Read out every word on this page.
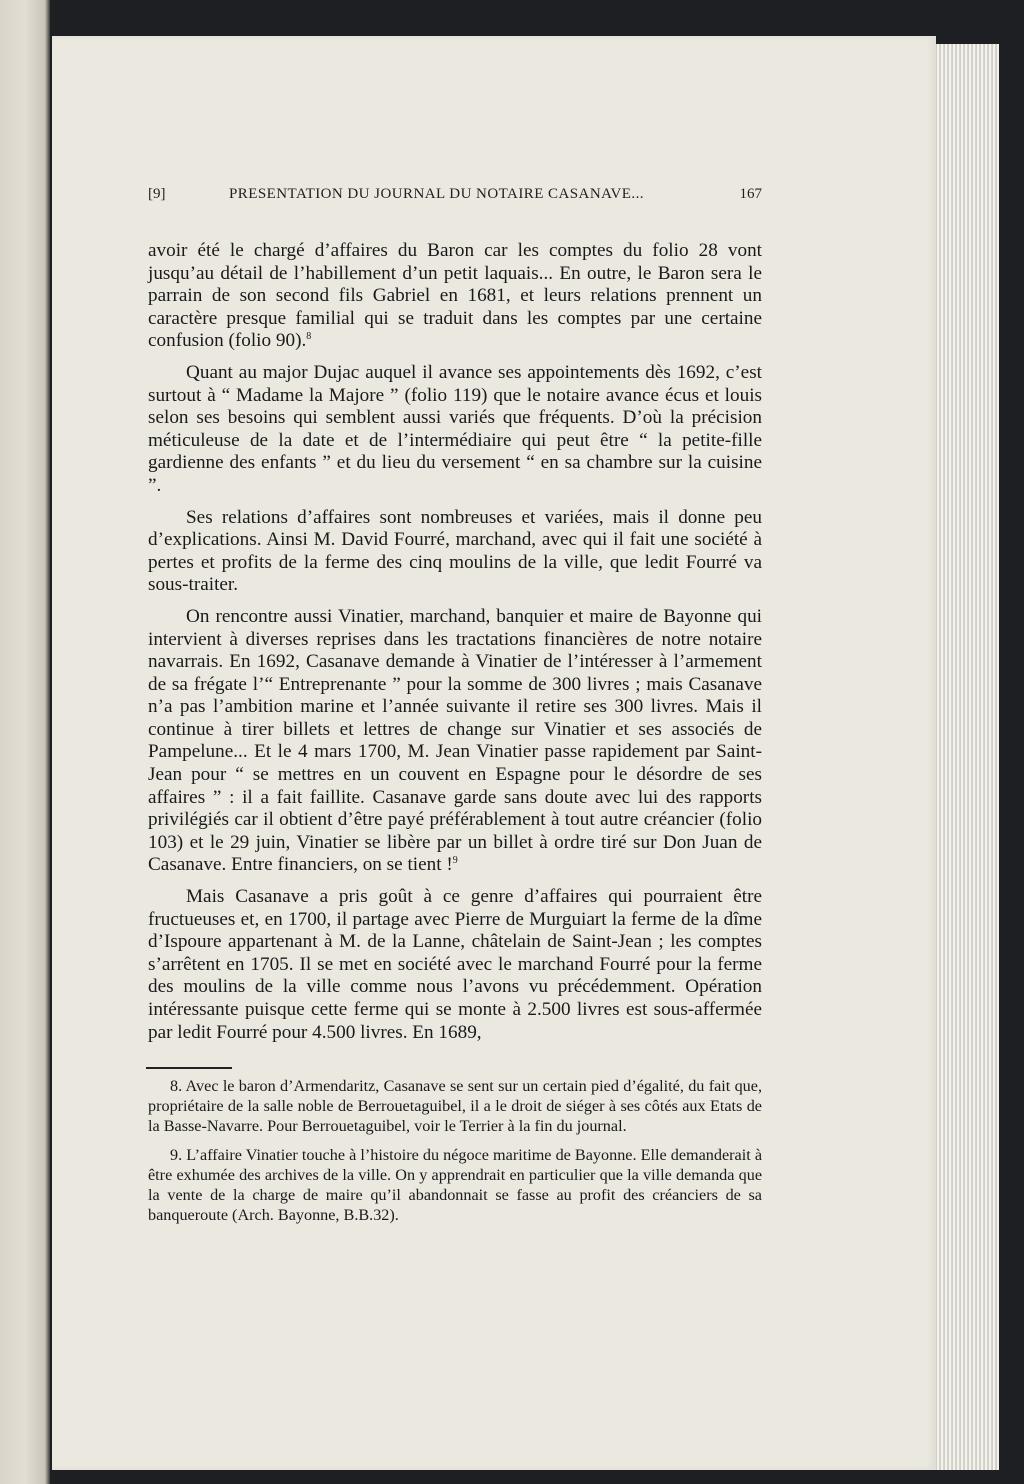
[9]	PRESENTATION DU JOURNAL DU NOTAIRE CASANAVE...	167

avoir été le chargé d’affaires du Baron car les comptes du folio 28 vont jusqu’au détail de l’habillement d’un petit laquais... En outre, le Baron sera le parrain de son second fils Gabriel en 1681, et leurs relations prennent un caractère presque familial qui se traduit dans les comptes par une certaine confusion (folio 90).$^8$

Quant au major Dujac auquel il avance ses appointements dès 1692, c’est surtout à “ Madame la Majore ” (folio 119) que le notaire avance écus et louis selon ses besoins qui semblent aussi variés que fréquents. D’où la précision méticuleuse de la date et de l’intermédiaire qui peut être “ la petite-fille gardienne des enfants ” et du lieu du versement “ en sa chambre sur la cuisine ”.

Ses relations d’affaires sont nombreuses et variées, mais il donne peu d’explications. Ainsi M. David Fourré, marchand, avec qui il fait une société à pertes et profits de la ferme des cinq moulins de la ville, que ledit Fourré va sous-traiter.

On rencontre aussi Vinatier, marchand, banquier et maire de Bayonne qui intervient à diverses reprises dans les tractations financières de notre notaire navarrais. En 1692, Casanave demande à Vinatier de l’intéresser à l’armement de sa frégate l’“ Entreprenante ” pour la somme de 300 livres ; mais Casanave n’a pas l’ambition marine et l’année suivante il retire ses 300 livres. Mais il continue à tirer billets et lettres de change sur Vinatier et ses associés de Pampelune... Et le 4 mars 1700, M. Jean Vinatier passe rapidement par Saint-Jean pour “ se mettres en un couvent en Espagne pour le désordre de ses affaires ” : il a fait faillite. Casanave garde sans doute avec lui des rapports privilégiés car il obtient d’être payé préférablement à tout autre créancier (folio 103) et le 29 juin, Vinatier se libère par un billet à ordre tiré sur Don Juan de Casanave. Entre financiers, on se tient !$^9$

Mais Casanave a pris goût à ce genre d’affaires qui pourraient être fructueuses et, en 1700, il partage avec Pierre de Murguiart la ferme de la dîme d’Ispoure appartenant à M. de la Lanne, châtelain de Saint-Jean ; les comptes s’arrêtent en 1705. Il se met en société avec le marchand Fourré pour la ferme des moulins de la ville comme nous l’avons vu précédemment. Opération intéressante puisque cette ferme qui se monte à 2.500 livres est sous-affermée par ledit Fourré pour 4.500 livres. En 1689,

8. Avec le baron d’Armendaritz, Casanave se sent sur un certain pied d’égalité, du fait que, propriétaire de la salle noble de Berrouetaguibel, il a le droit de siéger à ses côtés aux Etats de la Basse-Navarre. Pour Berrouetaguibel, voir le Terrier à la fin du journal.

9. L’affaire Vinatier touche à l’histoire du négoce maritime de Bayonne. Elle demanderait à être exhumée des archives de la ville. On y apprendrait en particulier que la ville demanda que la vente de la charge de maire qu’il abandonnait se fasse au profit des créanciers de sa banqueroute (Arch. Bayonne, B.B.32).
